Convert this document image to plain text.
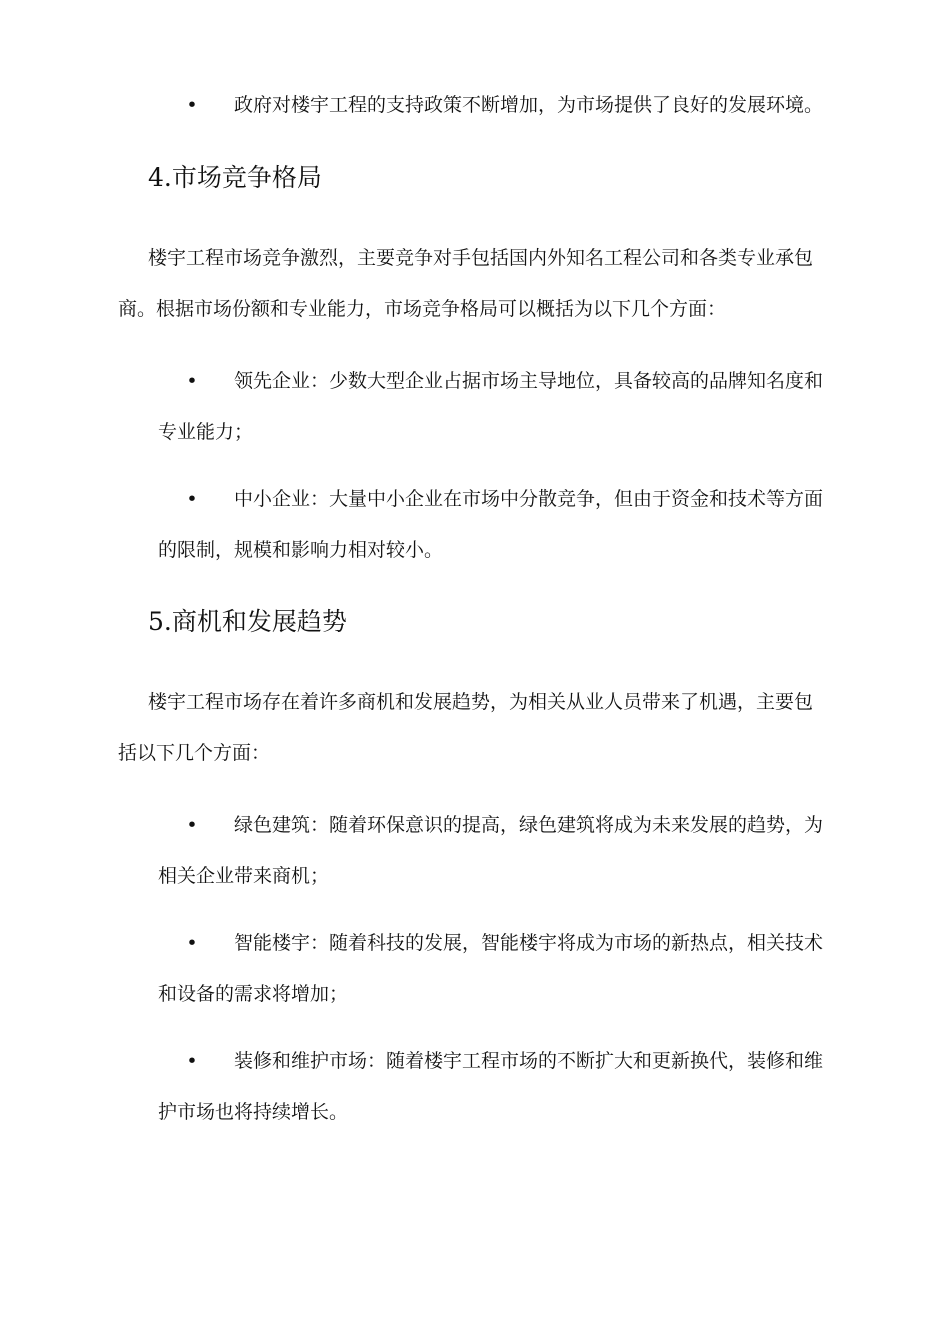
•	政府对楼宇工程的支持政策不断增加，为市场提供了良好的发展环境。
4.市场竞争格局

楼宇工程市场竞争激烈，主要竞争对手包括国内外知名工程公司和各类专业承包商。根据市场份额和专业能力，市场竞争格局可以概括为以下几个方面：

•	领先企业：少数大型企业占据市场主导地位，具备较高的品牌知名度和专业能力；
•	中小企业：大量中小企业在市场中分散竞争，但由于资金和技术等方面的限制，规模和影响力相对较小。
5.商机和发展趋势

楼宇工程市场存在着许多商机和发展趋势，为相关从业人员带来了机遇，主要包括以下几个方面：

•	绿色建筑：随着环保意识的提高，绿色建筑将成为未来发展的趋势，为相关企业带来商机；
•	智能楼宇：随着科技的发展，智能楼宇将成为市场的新热点，相关技术和设备的需求将增加；
•	装修和维护市场：随着楼宇工程市场的不断扩大和更新换代，装修和维护市场也将持续增长。
